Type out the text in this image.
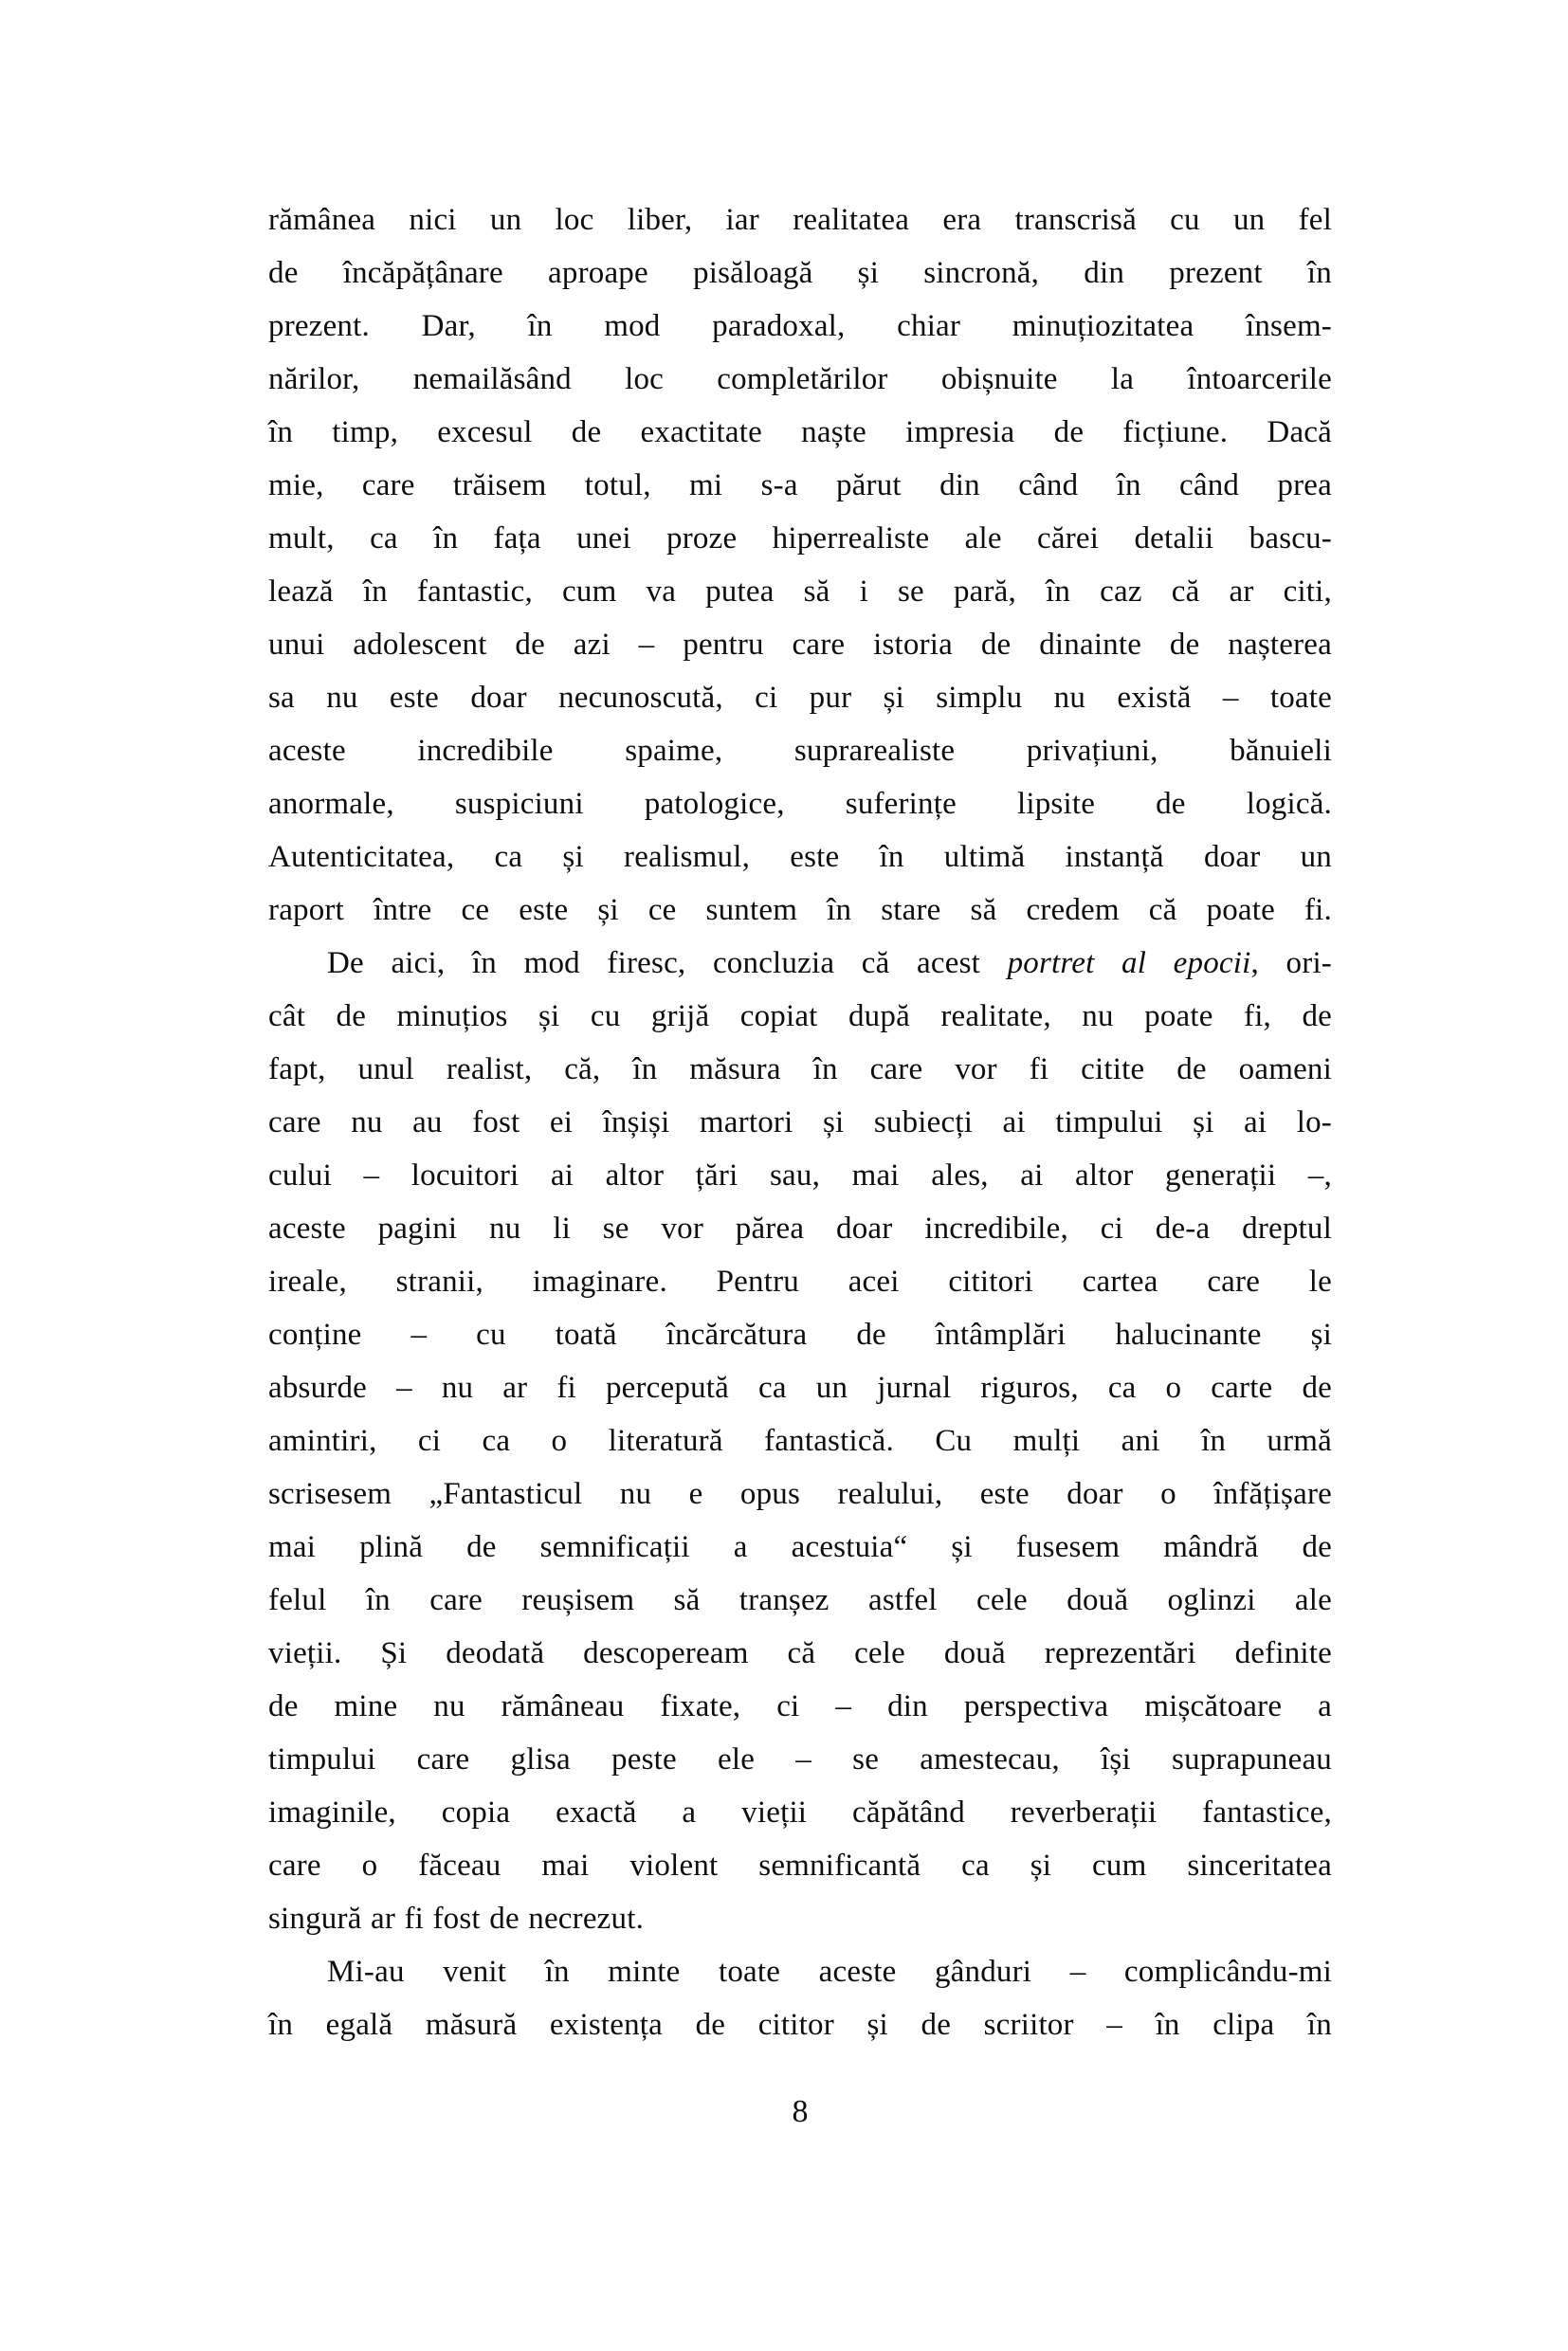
rămânea nici un loc liber, iar realitatea era transcrisă cu un fel
de încăpățânare aproape pisăloagă și sincronă, din prezent în
prezent. Dar, în mod paradoxal, chiar minuțiozitatea însem-
nărilor, nemailăsând loc completărilor obișnuite la întoarcerile
în timp, excesul de exactitate naște impresia de ficțiune. Dacă
mie, care trăisem totul, mi s-a părut din când în când prea
mult, ca în fața unei proze hiperrealiste ale cărei detalii bascu-
lează în fantastic, cum va putea să i se pară, în caz că ar citi,
unui adolescent de azi – pentru care istoria de dinainte de nașterea
sa nu este doar necunoscută, ci pur și simplu nu există – toate
aceste incredibile spaime, suprarealiste privațiuni, bănuieli
anormale, suspiciuni patologice, suferințe lipsite de logică.
Autenticitatea, ca și realismul, este în ultimă instanță doar un
raport între ce este și ce suntem în stare să credem că poate fi.
De aici, în mod firesc, concluzia că acest portret al epocii, ori-
cât de minuțios și cu grijă copiat după realitate, nu poate fi, de
fapt, unul realist, că, în măsura în care vor fi citite de oameni
care nu au fost ei înșiși martori și subiecți ai timpului și ai lo-
cului – locuitori ai altor țări sau, mai ales, ai altor generații –,
aceste pagini nu li se vor părea doar incredibile, ci de-a dreptul
ireale, stranii, imaginare. Pentru acei cititori cartea care le
conține – cu toată încărcătura de întâmplări halucinante și
absurde – nu ar fi percepută ca un jurnal riguros, ca o carte de
amintiri, ci ca o literatură fantastică. Cu mulți ani în urmă
scrisesem „Fantasticul nu e opus realului, este doar o înfățișare
mai plină de semnificații a acestuia“ și fusesem mândră de
felul în care reușisem să tranșez astfel cele două oglinzi ale
vieții. Și deodată descopeream că cele două reprezentări definite
de mine nu rămâneau fixate, ci – din perspectiva mișcătoare a
timpului care glisa peste ele – se amestecau, își suprapuneau
imaginile, copia exactă a vieții căpătând reverberații fantastice,
care o făceau mai violent semnificantă ca și cum sinceritatea
singură ar fi fost de necrezut.
Mi-au venit în minte toate aceste gânduri – complicându-mi
în egală măsură existența de cititor și de scriitor – în clipa în
8
